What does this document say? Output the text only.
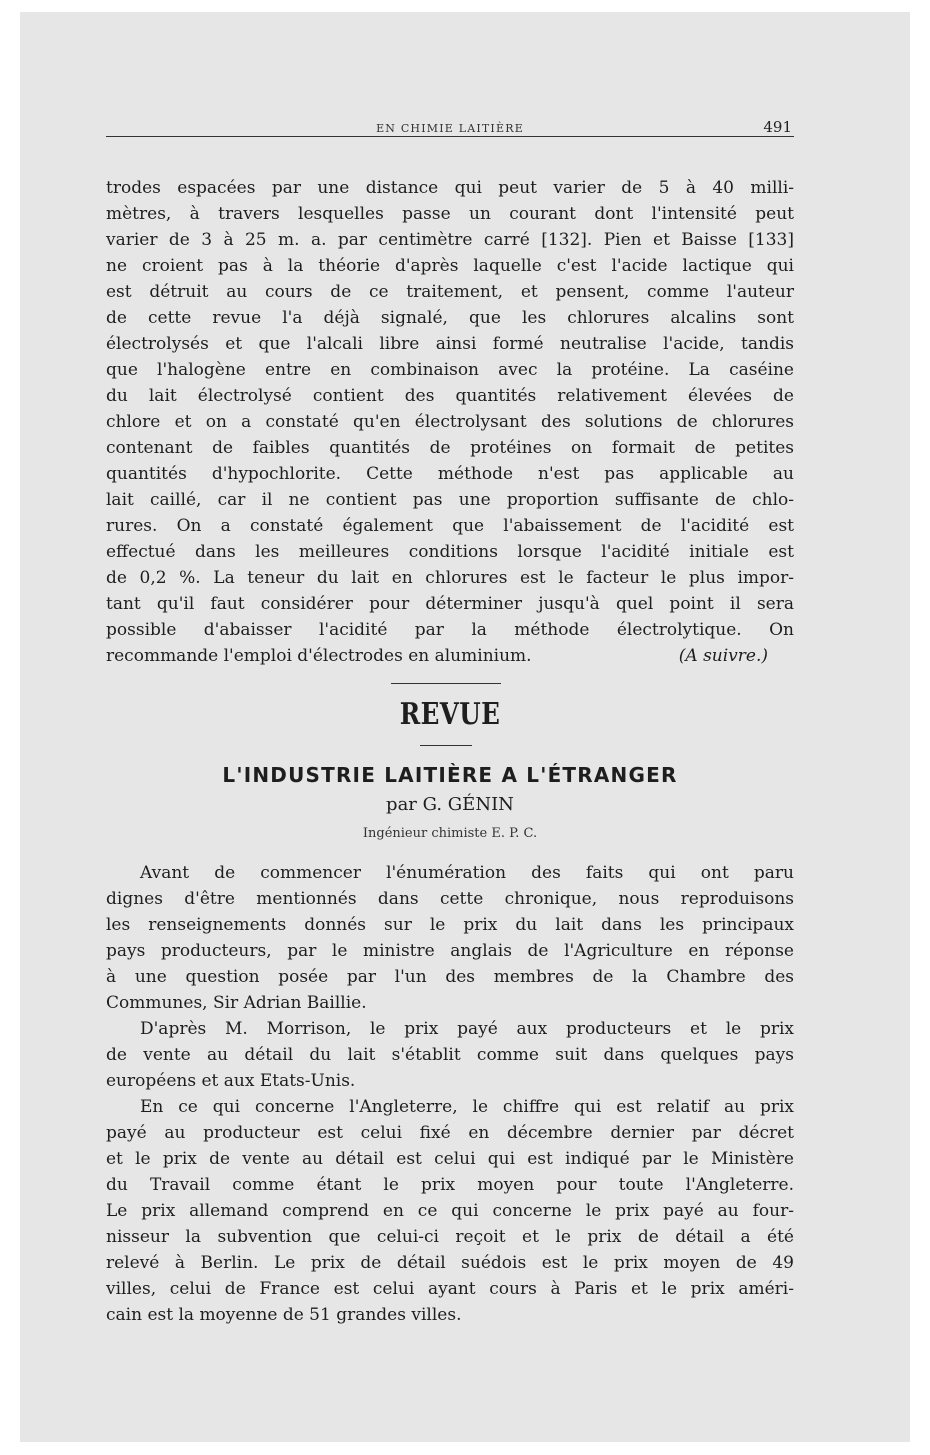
EN CHIMIE LAITIÈRE	491
trodes espacées par une distance qui peut varier de 5 à 40 milli-
mètres, à travers lesquelles passe un courant dont l'intensité peut
varier de 3 à 25 m. a. par centimètre carré [132]. Pien et Baisse [133]
ne croient pas à la théorie d'après laquelle c'est l'acide lactique qui
est détruit au cours de ce traitement, et pensent, comme l'auteur
de cette revue l'a déjà signalé, que les chlorures alcalins sont
électrolysés et que l'alcali libre ainsi formé neutralise l'acide, tandis
que l'halogène entre en combinaison avec la protéine. La caséine
du lait électrolysé contient des quantités relativement élevées de
chlore et on a constaté qu'en électrolysant des solutions de chlorures
contenant de faibles quantités de protéines on formait de petites
quantités d'hypochlorite. Cette méthode n'est pas applicable au
lait caillé, car il ne contient pas une proportion suffisante de chlo-
rures. On a constaté également que l'abaissement de l'acidité est
effectué dans les meilleures conditions lorsque l'acidité initiale est
de 0,2 %. La teneur du lait en chlorures est le facteur le plus impor-
tant qu'il faut considérer pour déterminer jusqu'à quel point il sera
possible d'abaisser l'acidité par la méthode électrolytique. On
recommande l'emploi d'électrodes en aluminium.	(A suivre.)
REVUE
L'INDUSTRIE LAITIÈRE A L'ÉTRANGER
par G. GÉNIN
Ingénieur chimiste E. P. C.
Avant de commencer l'énumération des faits qui ont paru
dignes d'être mentionnés dans cette chronique, nous reproduisons
les renseignements donnés sur le prix du lait dans les principaux
pays producteurs, par le ministre anglais de l'Agriculture en réponse
à une question posée par l'un des membres de la Chambre des
Communes, Sir Adrian Baillie.
D'après M. Morrison, le prix payé aux producteurs et le prix
de vente au détail du lait s'établit comme suit dans quelques pays
européens et aux Etats-Unis.
En ce qui concerne l'Angleterre, le chiffre qui est relatif au prix
payé au producteur est celui fixé en décembre dernier par décret
et le prix de vente au détail est celui qui est indiqué par le Ministère
du Travail comme étant le prix moyen pour toute l'Angleterre.
Le prix allemand comprend en ce qui concerne le prix payé au four-
nisseur la subvention que celui-ci reçoit et le prix de détail a été
relevé à Berlin. Le prix de détail suédois est le prix moyen de 49
villes, celui de France est celui ayant cours à Paris et le prix améri-
cain est la moyenne de 51 grandes villes.
